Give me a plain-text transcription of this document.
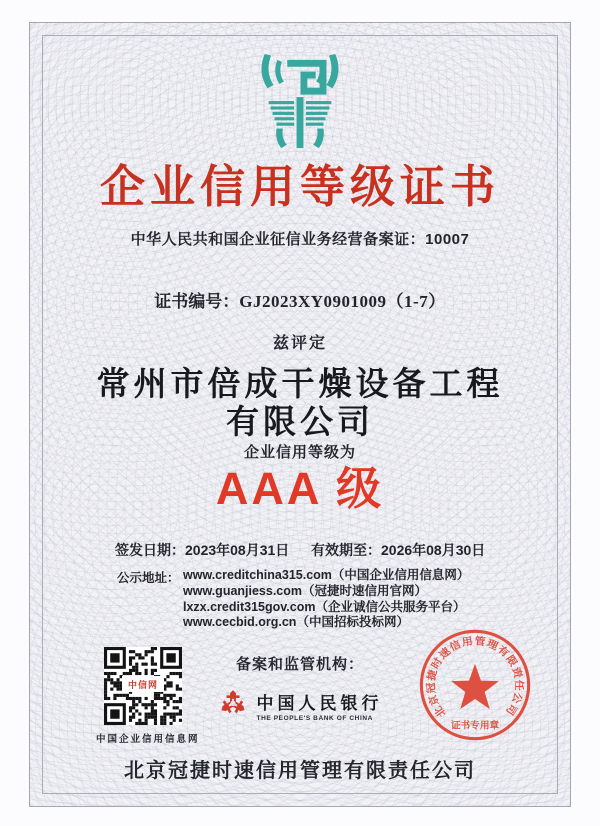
企业信用等级证书
中华人民共和国企业征信业务经营备案证：10007
证书编号：GJ2023XY0901009（1-7）
兹评定
常州市倍成干燥设备工程
有限公司
企业信用等级为
AAA 级
签发日期：2023年08月31日 有效期至：2026年08月30日
公示地址： www.creditchina315.com（中国企业信用信息网）
www.guanjiess.com（冠捷时速信用官网）
lxzx.credit315gov.com（企业诚信公共服务平台）
www.cecbid.org.cn（中国招标投标网）
中信网
中国企业信用信息网
备案和监管机构：
中国人民银行
THE PEOPLE'S BANK OF CHINA	北京冠捷时速信用管理有限责任公司
证书专用章
北京冠捷时速信用管理有限责任公司
